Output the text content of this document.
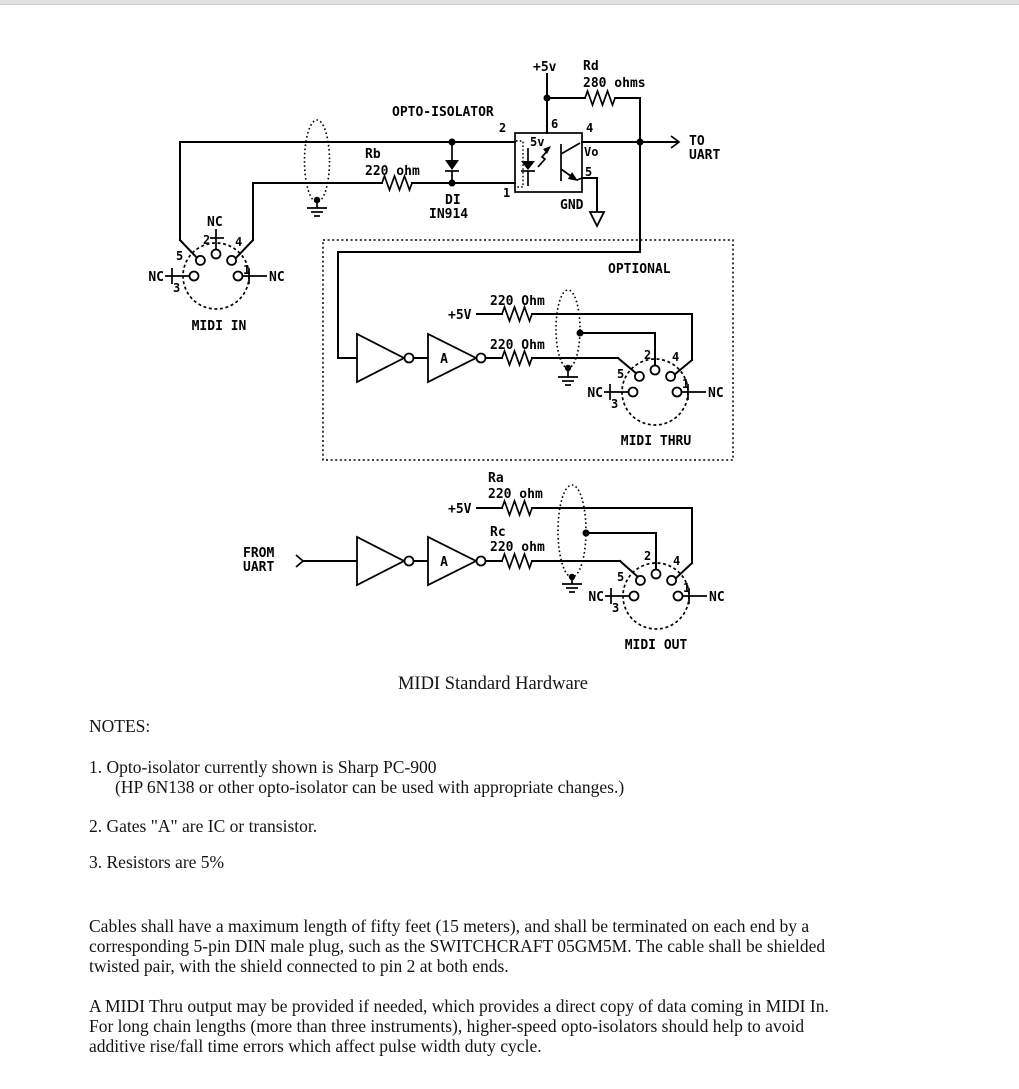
+5v Rd
280 ohms
OPTO-ISOLATOR
5v
2
1
6 4
Vo
5
GND
TO
UART
Rb
220 ohm
DI
IN914
NC
2
5
4
NC
3
1 NC
MIDI IN
OPTIONAL
A
+5V
220 Ohm
220 Ohm
5
2 4
1
NC
3
NC
MIDI THRU
FROM
UART	A
+5V
Ra
220 ohm
Rc
220 ohm
5
2 4
1
NC
3
NC
MIDI OUT
MIDI Standard Hardware
NOTES:
1. Opto-isolator currently shown is Sharp PC-900
(HP 6N138 or other opto-isolator can be used with appropriate changes.)
2. Gates "A" are IC or transistor.
3. Resistors are 5%
Cables shall have a maximum length of fifty feet (15 meters), and shall be terminated on each end by a
corresponding 5-pin DIN male plug, such as the SWITCHCRAFT 05GM5M. The cable shall be shielded
twisted pair, with the shield connected to pin 2 at both ends.
A MIDI Thru output may be provided if needed, which provides a direct copy of data coming in MIDI In.
For long chain lengths (more than three instruments), higher-speed opto-isolators should help to avoid
additive rise/fall time errors which affect pulse width duty cycle.
